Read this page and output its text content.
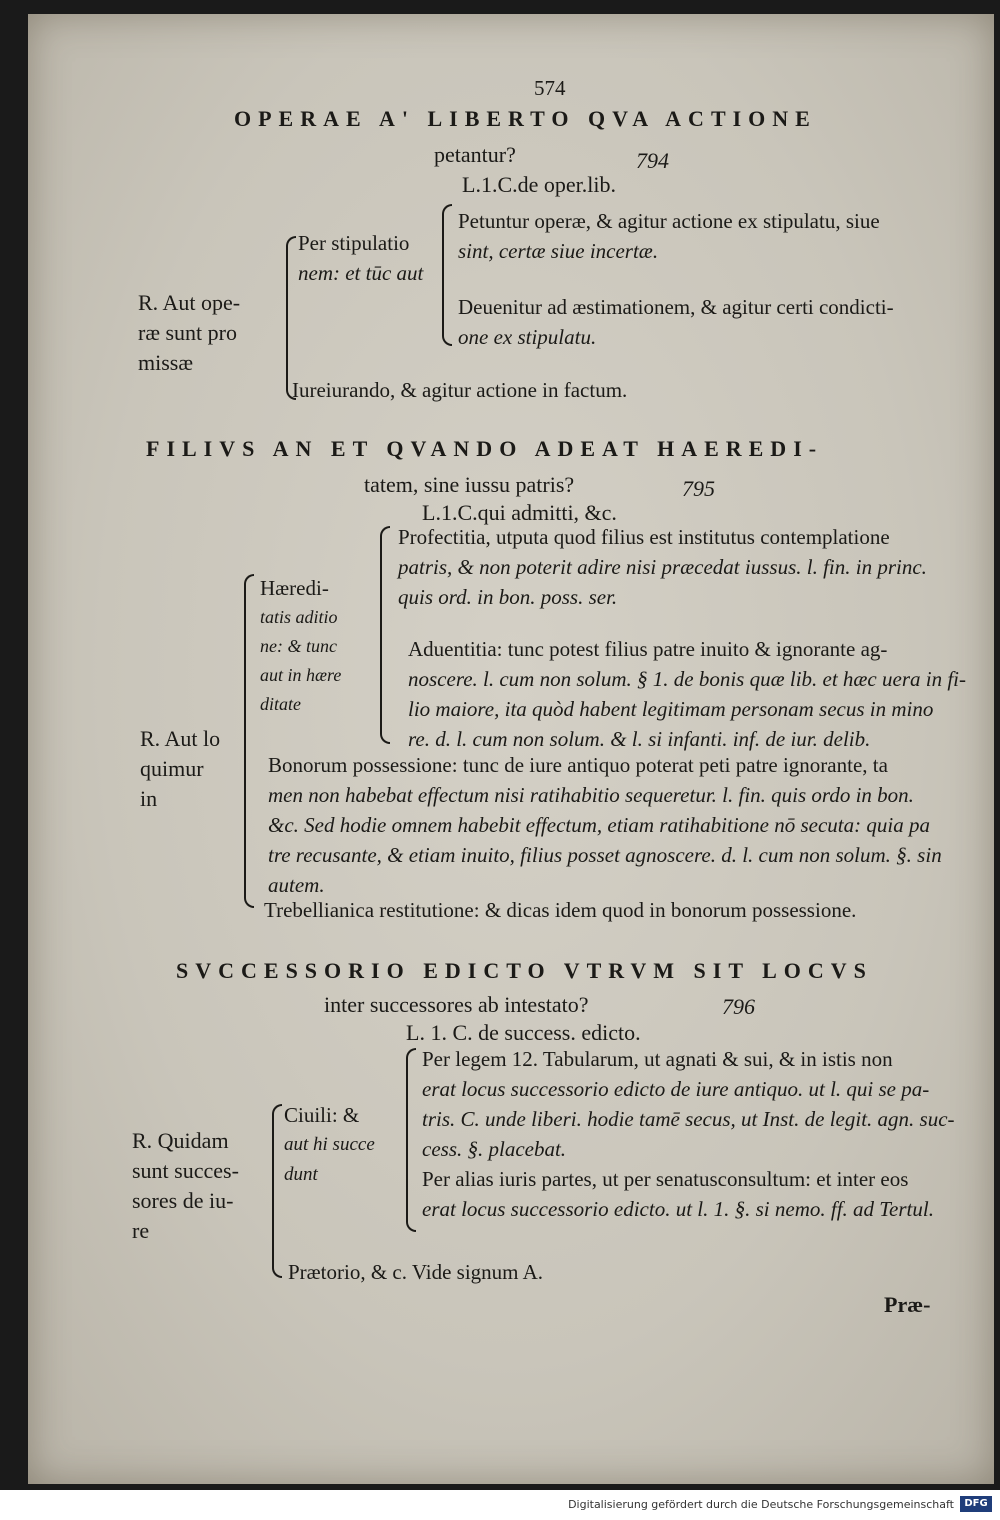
574
OPERAE A' LIBERTO QVA ACTIONE
petantur?	794
L.1.C.de oper.lib.
R. Aut ope-
ræ sunt pro
missæ
Per stipulatio
nem: et tūc aut
Petuntur operæ, & agitur actione ex stipulatu, siue
sint, certæ siue incertæ.
Deuenitur ad æstimationem, & agitur certi condicti-
one ex stipulatu.
Iureiurando, & agitur actione in factum.
FILIVS AN ET QVANDO ADEAT HAEREDI-
tatem, sine iussu patris?	795
L.1.C.qui admitti, &c.
R. Aut lo
quimur
in
Hæredi-
tatis aditio
ne: & tunc
aut in hære
ditate
Profectitia, utputa quod filius est institutus contemplatione
patris, & non poterit adire nisi præcedat iussus. l. fin. in princ.
quis ord. in bon. poss. ser.
Aduentitia: tunc potest filius patre inuito & ignorante ag-
noscere. l. cum non solum. § 1. de bonis quæ lib. et hæc uera in fi-
lio maiore, ita quòd habent legitimam personam secus in mino
re. d. l. cum non solum. & l. si infanti. inf. de iur. delib.
Bonorum possessione: tunc de iure antiquo poterat peti patre ignorante, ta
men non habebat effectum nisi ratihabitio sequeretur. l. fin. quis ordo in bon.
&c. Sed hodie omnem habebit effectum, etiam ratihabitione nō secuta: quia pa
tre recusante, & etiam inuito, filius posset agnoscere. d. l. cum non solum. §. sin
autem.
Trebellianica restitutione: & dicas idem quod in bonorum possessione.
SVCCESSORIO EDICTO VTRVM SIT LOCVS
inter successores ab intestato?	796
L. 1. C. de success. edicto.
R. Quidam
sunt succes-
sores de iu-
re
Ciuili: &
aut hi succe
dunt
Per legem 12. Tabularum, ut agnati & sui, & in istis non
erat locus successorio edicto de iure antiquo. ut l. qui se pa-
tris. C. unde liberi. hodie tamē secus, ut Inst. de legit. agn. suc-
cess. §. placebat.
Per alias iuris partes, ut per senatusconsultum: et inter eos
erat locus successorio edicto. ut l. 1. §. si nemo. ff. ad Tertul.
Prætorio, & c. Vide signum A.
Præ-
Digitalisierung gefördert durch die Deutsche Forschungsgemeinschaft	DFG
